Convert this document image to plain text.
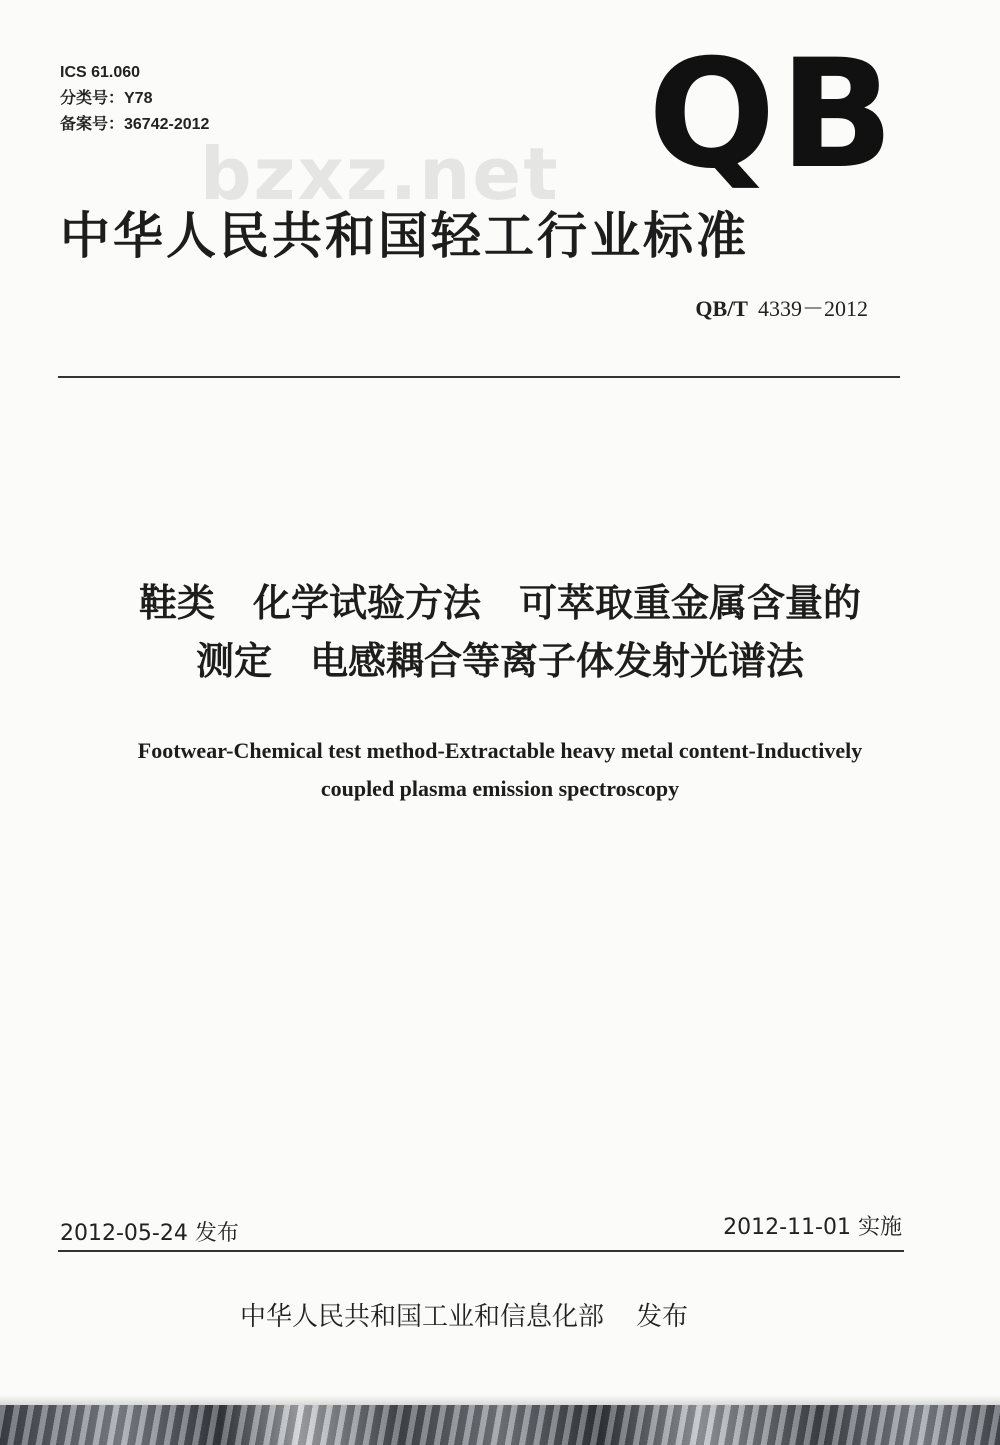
ICS 61.060
分类号：Y78
备案号：36742-2012	QB
bzxz.net
中华人民共和国轻工行业标准
QB/T 4339－2012
鞋类　化学试验方法　可萃取重金属含量的
测定　电感耦合等离子体发射光谱法
Footwear-Chemical test method-Extractable heavy metal content-Inductively
coupled plasma emission spectroscopy
2012-05-24 发布	2012-11-01 实施
中华人民共和国工业和信息化部 发布
